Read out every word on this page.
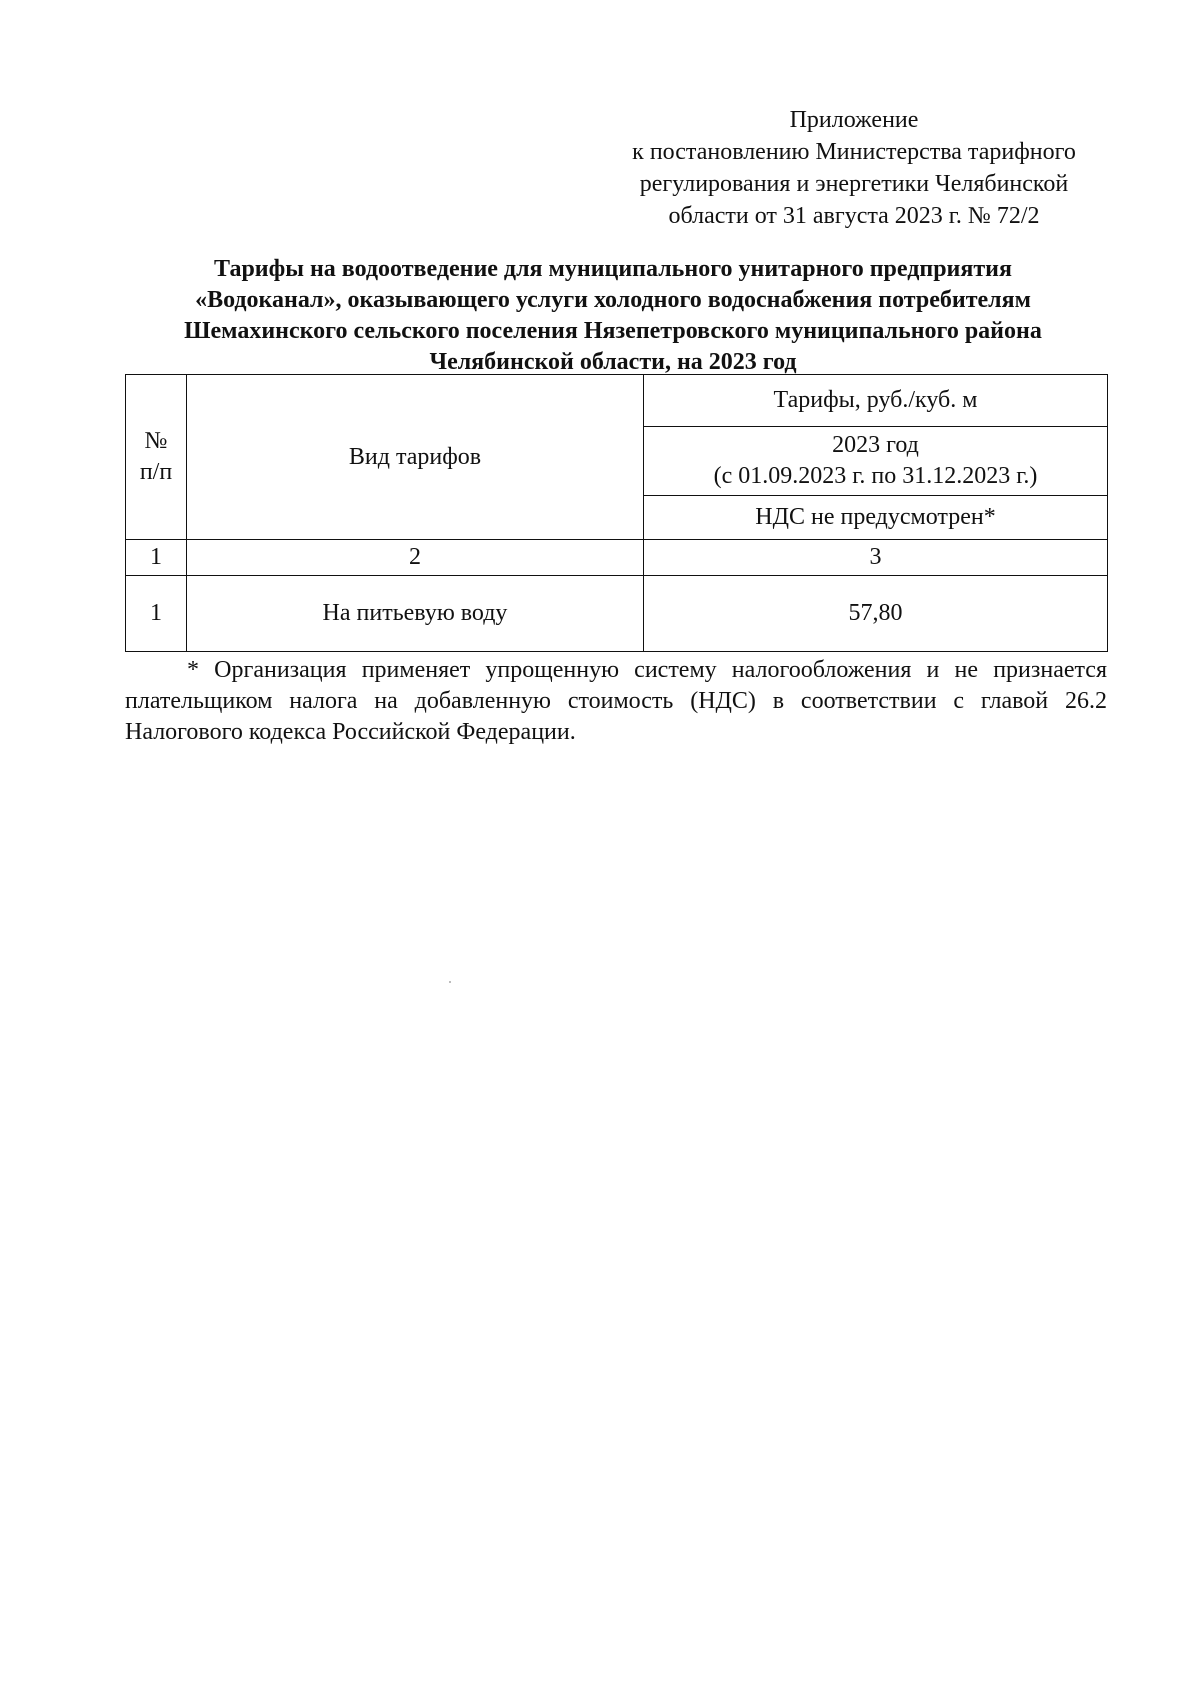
Приложение
к постановлению Министерства тарифного
регулирования и энергетики Челябинской
области от 31 августа 2023 г. № 72/2
Тарифы на водоотведение для муниципального унитарного предприятия
«Водоканал», оказывающего услуги холодного водоснабжения потребителям
Шемахинского сельского поселения Нязепетровского муниципального района
Челябинской области, на 2023 год
№
п/п	Вид тарифов	Тарифы, руб./куб. м

		2023 год
(с 01.09.2023 г. по 31.12.2023 г.)

		НДС не предусмотрен*
1	2	3
1	На питьевую воду	57,80
* Организация применяет упрощенную систему налогообложения и не признается плательщиком налога на добавленную стоимость (НДС) в соответствии с главой 26.2 Налогового кодекса Российской Федерации.
